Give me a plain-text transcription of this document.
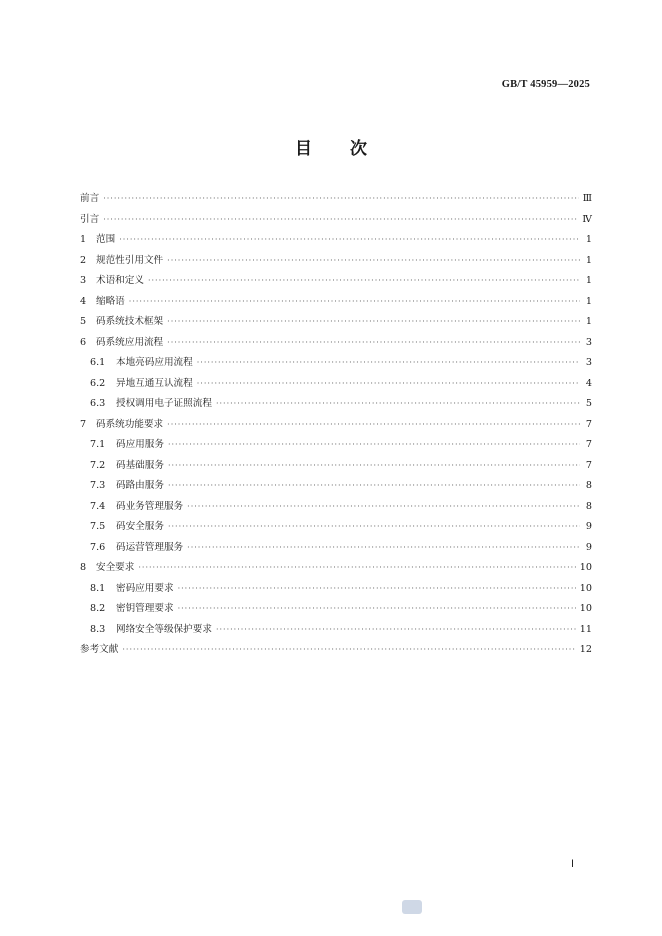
GB/T 45959—2025
目 次
前言 ·····	Ⅲ
引言 ·····	Ⅳ
1	范围 ·····	1
2	规范性引用文件 ·····	1
3	术语和定义 ·····	1
4	缩略语 ·····	1
5	码系统技术框架 ·····	1
6	码系统应用流程 ·····	3
6.1	本地亮码应用流程 ·····	3
6.2	异地互通互认流程 ·····	4
6.3	授权调用电子证照流程 ·····	5
7	码系统功能要求 ·····	7
7.1	码应用服务 ·····	7
7.2	码基础服务 ·····	7
7.3	码路由服务 ·····	8
7.4	码业务管理服务 ·····	8
7.5	码安全服务 ·····	9
7.6	码运营管理服务 ·····	9
8	安全要求 ·····	10
8.1	密码应用要求 ·····	10
8.2	密钥管理要求 ·····	10
8.3	网络安全等级保护要求 ·····	11
参考文献 ·····	12
Ⅰ
